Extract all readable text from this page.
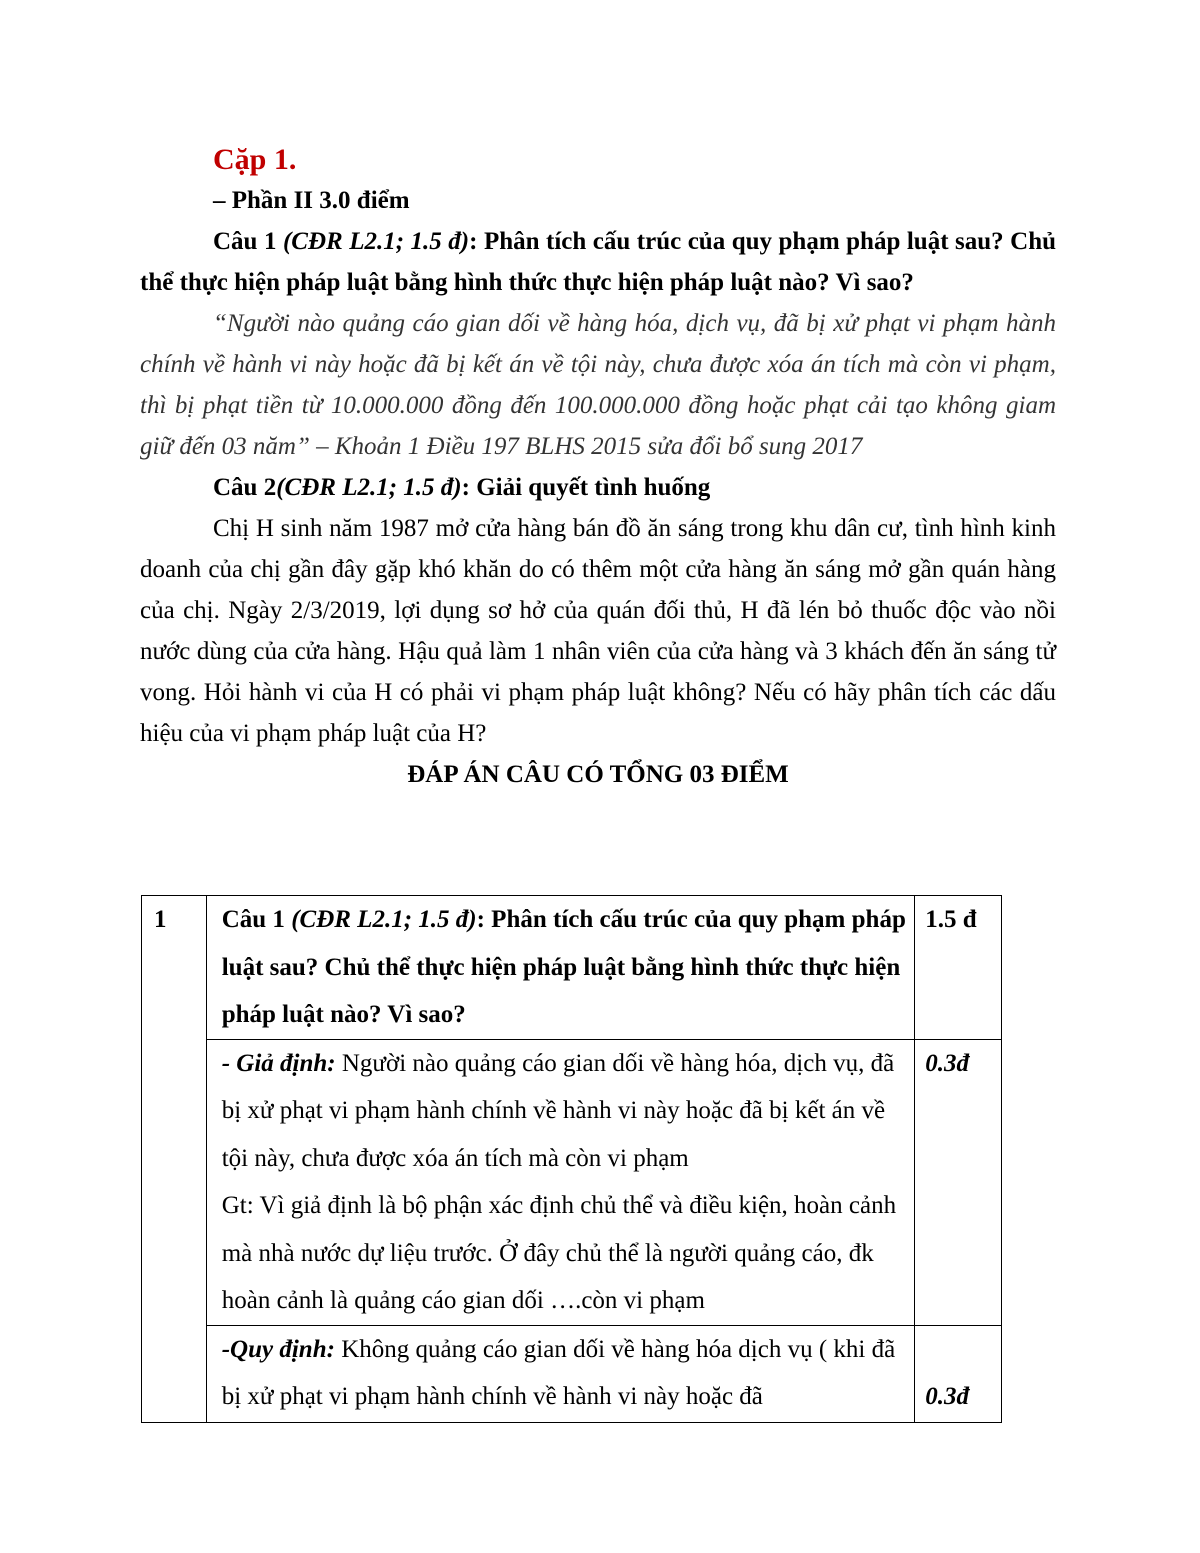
Cặp 1.

– Phần II 3.0 điểm

Câu 1 (CĐR L2.1; 1.5 đ): Phân tích cấu trúc của quy phạm pháp luật sau? Chủ thể thực hiện pháp luật bằng hình thức thực hiện pháp luật nào? Vì sao?

“Người nào quảng cáo gian dối về hàng hóa, dịch vụ, đã bị xử phạt vi phạm hành chính về hành vi này hoặc đã bị kết án về tội này, chưa được xóa án tích mà còn vi phạm, thì bị phạt tiền từ 10.000.000 đồng đến 100.000.000 đồng hoặc phạt cải tạo không giam giữ đến 03 năm” – Khoản 1 Điều 197 BLHS 2015 sửa đổi bổ sung 2017

Câu 2(CĐR L2.1; 1.5 đ): Giải quyết tình huống

Chị H sinh năm 1987 mở cửa hàng bán đồ ăn sáng trong khu dân cư, tình hình kinh doanh của chị gần đây gặp khó khăn do có thêm một cửa hàng ăn sáng mở gần quán hàng của chị. Ngày 2/3/2019, lợi dụng sơ hở của quán đối thủ, H đã lén bỏ thuốc độc vào nồi nước dùng của cửa hàng. Hậu quả làm 1 nhân viên của cửa hàng và 3 khách đến ăn sáng tử vong. Hỏi hành vi của H có phải vi phạm pháp luật không? Nếu có hãy phân tích các dấu hiệu của vi phạm pháp luật của H?

ĐÁP ÁN CÂU CÓ TỔNG 03 ĐIỂM

1	Câu 1 (CĐR L2.1; 1.5 đ): Phân tích cấu trúc của quy phạm pháp luật sau? Chủ thể thực hiện pháp luật bằng hình thức thực hiện pháp luật nào? Vì sao?	1.5 đ
	- Giả định: Người nào quảng cáo gian dối về hàng hóa, dịch vụ, đã bị xử phạt vi phạm hành chính về hành vi này hoặc đã bị kết án về tội này, chưa được xóa án tích mà còn vi phạm
Gt: Vì giả định là bộ phận xác định chủ thể và điều kiện, hoàn cảnh mà nhà nước dự liệu trước. Ở đây chủ thể là người quảng cáo, đk hoàn cảnh là quảng cáo gian dối ….còn vi phạm	0.3đ
	-Quy định: Không quảng cáo gian dối về hàng hóa dịch vụ ( khi đã bị xử phạt vi phạm hành chính về hành vi này hoặc đã	0.3đ
